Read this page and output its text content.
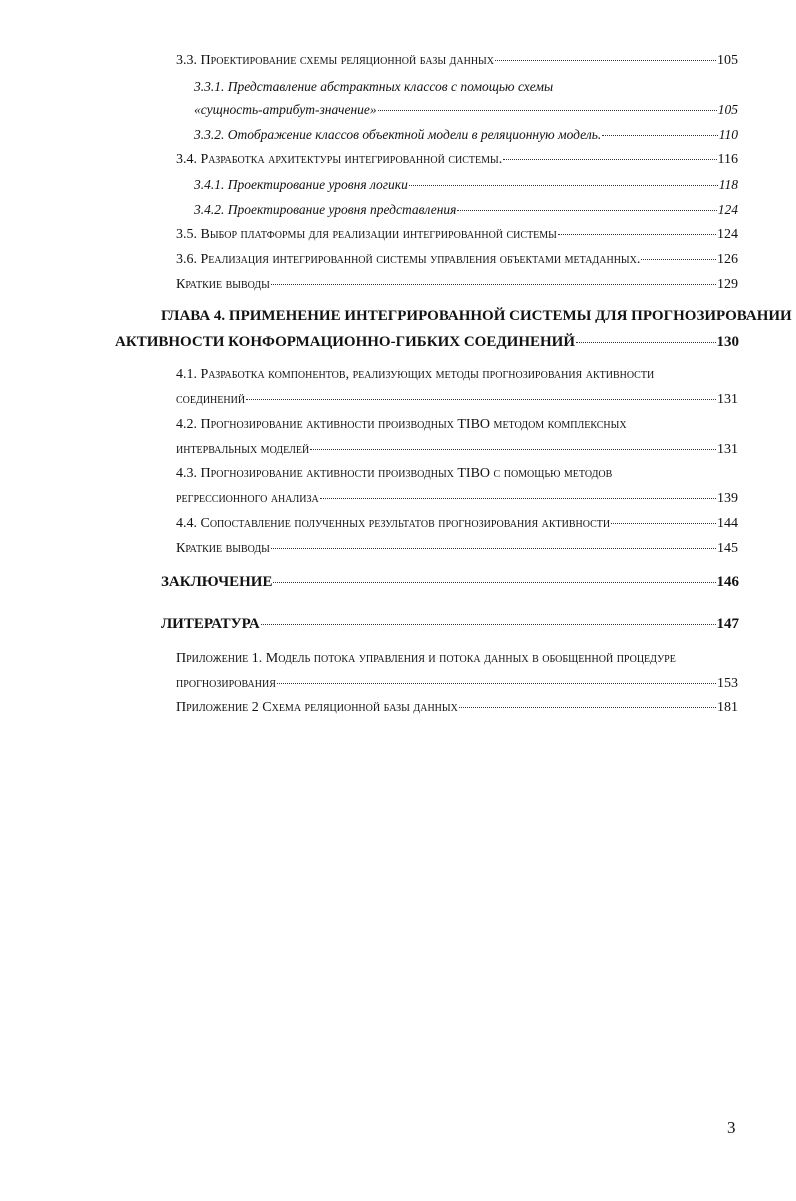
3.3. Проектирование схемы реляционной базы данных	105
3.3.1. Представление абстрактных классов с помощью схемы
«сущность-атрибут-значение»	105
3.3.2. Отображение классов объектной модели в реляционную модель.	110
3.4. Разработка архитектуры интегрированной системы.	116
3.4.1. Проектирование уровня логики	118
3.4.2. Проектирование уровня представления	124
3.5. Выбор платформы для реализации интегрированной системы	124
3.6. Реализация интегрированной системы управления объектами метаданных.	126
Краткие выводы	129
ГЛАВА 4. ПРИМЕНЕНИЕ ИНТЕГРИРОВАННОЙ СИСТЕМЫ ДЛЯ ПРОГНОЗИРОВАНИИ
АКТИВНОСТИ КОНФОРМАЦИОННО-ГИБКИХ СОЕДИНЕНИЙ	130
4.1. Разработка компонентов, реализующих методы прогнозирования активности
соединений	131
4.2. Прогнозирование активности производных TIBO методом комплексных
интервальных моделей	131
4.3. Прогнозирование активности производных TIBO с помощью методов
регрессионного анализа	139
4.4. Сопоставление полученных результатов прогнозирования активности	144
Краткие выводы	145
ЗАКЛЮЧЕНИЕ	146
ЛИТЕРАТУРА	147
Приложение 1. Модель потока управления и потока данных в обобщенной процедуре
прогнозирования	153
Приложение 2 Схема реляционной базы данных	181
3
